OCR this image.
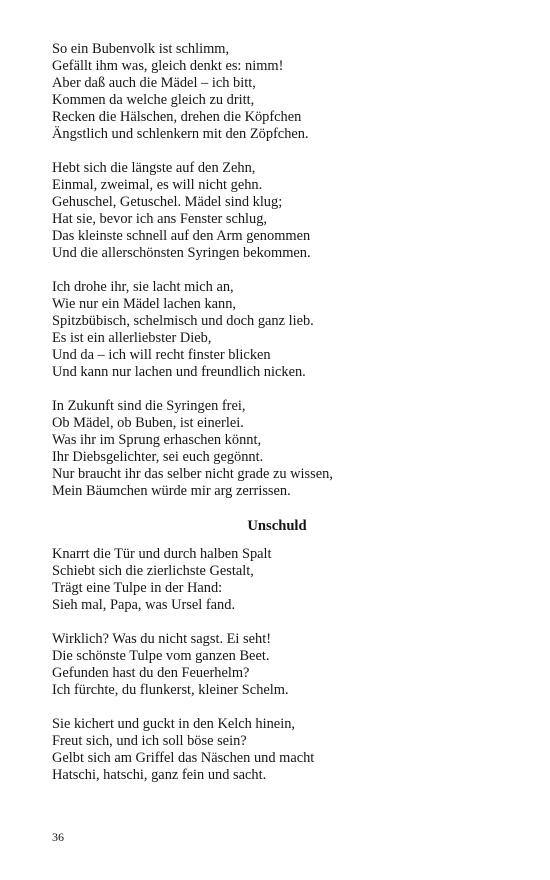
So ein Bubenvolk ist schlimm,
Gefällt ihm was, gleich denkt es: nimm!
Aber daß auch die Mädel – ich bitt,
Kommen da welche gleich zu dritt,
Recken die Hälschen, drehen die Köpfchen
Ängstlich und schlenkern mit den Zöpfchen.
Hebt sich die längste auf den Zehn,
Einmal, zweimal, es will nicht gehn.
Gehuschel, Getuschel. Mädel sind klug;
Hat sie, bevor ich ans Fenster schlug,
Das kleinste schnell auf den Arm genommen
Und die allerschönsten Syringen bekommen.
Ich drohe ihr, sie lacht mich an,
Wie nur ein Mädel lachen kann,
Spitzbübisch, schelmisch und doch ganz lieb.
Es ist ein allerliebster Dieb,
Und da – ich will recht finster blicken
Und kann nur lachen und freundlich nicken.
In Zukunft sind die Syringen frei,
Ob Mädel, ob Buben, ist einerlei.
Was ihr im Sprung erhaschen könnt,
Ihr Diebsgelichter, sei euch gegönnt.
Nur braucht ihr das selber nicht grade zu wissen,
Mein Bäumchen würde mir arg zerrissen.
Unschuld
Knarrt die Tür und durch halben Spalt
Schiebt sich die zierlichste Gestalt,
Trägt eine Tulpe in der Hand:
Sieh mal, Papa, was Ursel fand.
Wirklich? Was du nicht sagst. Ei seht!
Die schönste Tulpe vom ganzen Beet.
Gefunden hast du den Feuerhelm?
Ich fürchte, du flunkerst, kleiner Schelm.
Sie kichert und guckt in den Kelch hinein,
Freut sich, und ich soll böse sein?
Gelbt sich am Griffel das Näschen und macht
Hatschi, hatschi, ganz fein und sacht.
36
